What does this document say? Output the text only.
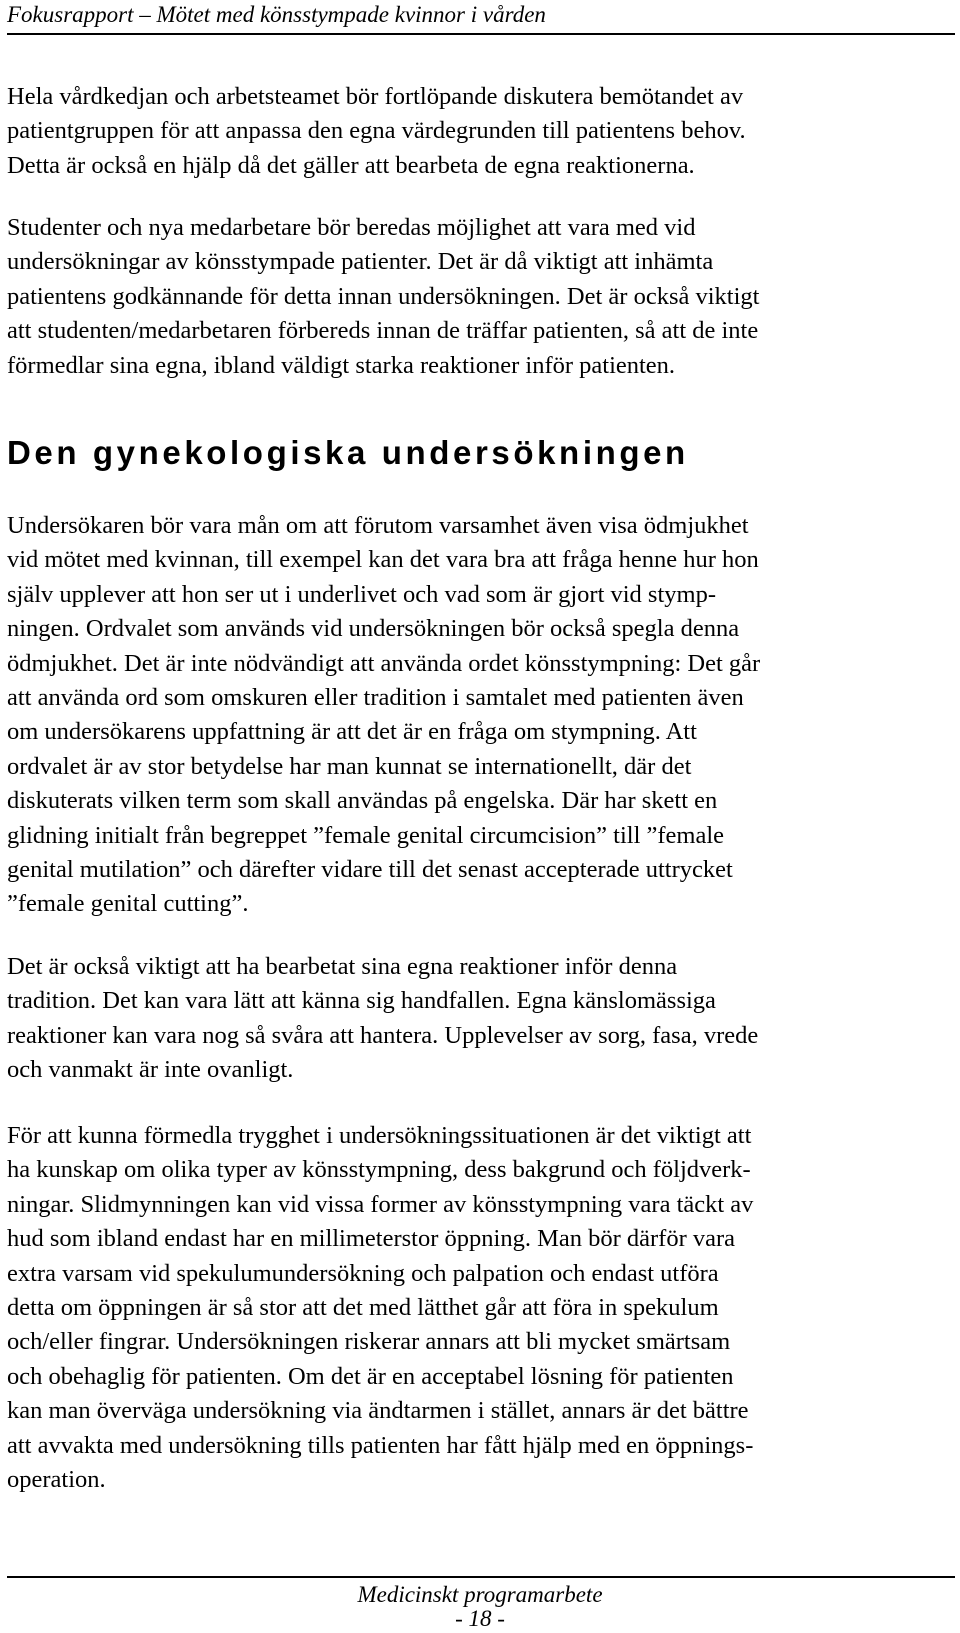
Fokusrapport – Mötet med könsstympade kvinnor i vården

Hela vårdkedjan och arbetsteamet bör fortlöpande diskutera bemötandet av
patientgruppen för att anpassa den egna värdegrunden till patientens behov.
Detta är också en hjälp då det gäller att bearbeta de egna reaktionerna.

Studenter och nya medarbetare bör beredas möjlighet att vara med vid
undersökningar av könsstympade patienter. Det är då viktigt att inhämta
patientens godkännande för detta innan undersökningen. Det är också viktigt
att studenten/medarbetaren förbereds innan de träffar patienten, så att de inte
förmedlar sina egna, ibland väldigt starka reaktioner inför patienten.

Den gynekologiska undersökningen

Undersökaren bör vara mån om att förutom varsamhet även visa ödmjukhet
vid mötet med kvinnan, till exempel kan det vara bra att fråga henne hur hon
själv upplever att hon ser ut i underlivet och vad som är gjort vid stymp-
ningen. Ordvalet som används vid undersökningen bör också spegla denna
ödmjukhet. Det är inte nödvändigt att använda ordet könsstympning: Det går
att använda ord som omskuren eller tradition i samtalet med patienten även
om undersökarens uppfattning är att det är en fråga om stympning. Att
ordvalet är av stor betydelse har man kunnat se internationellt, där det
diskuterats vilken term som skall användas på engelska. Där har skett en
glidning initialt från begreppet ”female genital circumcision” till ”female
genital mutilation” och därefter vidare till det senast accepterade uttrycket
”female genital cutting”.

Det är också viktigt att ha bearbetat sina egna reaktioner inför denna
tradition. Det kan vara lätt att känna sig handfallen. Egna känslomässiga
reaktioner kan vara nog så svåra att hantera. Upplevelser av sorg, fasa, vrede
och vanmakt är inte ovanligt.

För att kunna förmedla trygghet i undersökningssituationen är det viktigt att
ha kunskap om olika typer av könsstympning, dess bakgrund och följdverk-
ningar. Slidmynningen kan vid vissa former av könsstympning vara täckt av
hud som ibland endast har en millimeterstor öppning. Man bör därför vara
extra varsam vid spekulumundersökning och palpation och endast utföra
detta om öppningen är så stor att det med lätthet går att föra in spekulum
och/eller fingrar. Undersökningen riskerar annars att bli mycket smärtsam
och obehaglig för patienten. Om det är en acceptabel lösning för patienten
kan man överväga undersökning via ändtarmen i stället, annars är det bättre
att avvakta med undersökning tills patienten har fått hjälp med en öppnings-
operation.

Medicinskt programarbete
- 18 -
